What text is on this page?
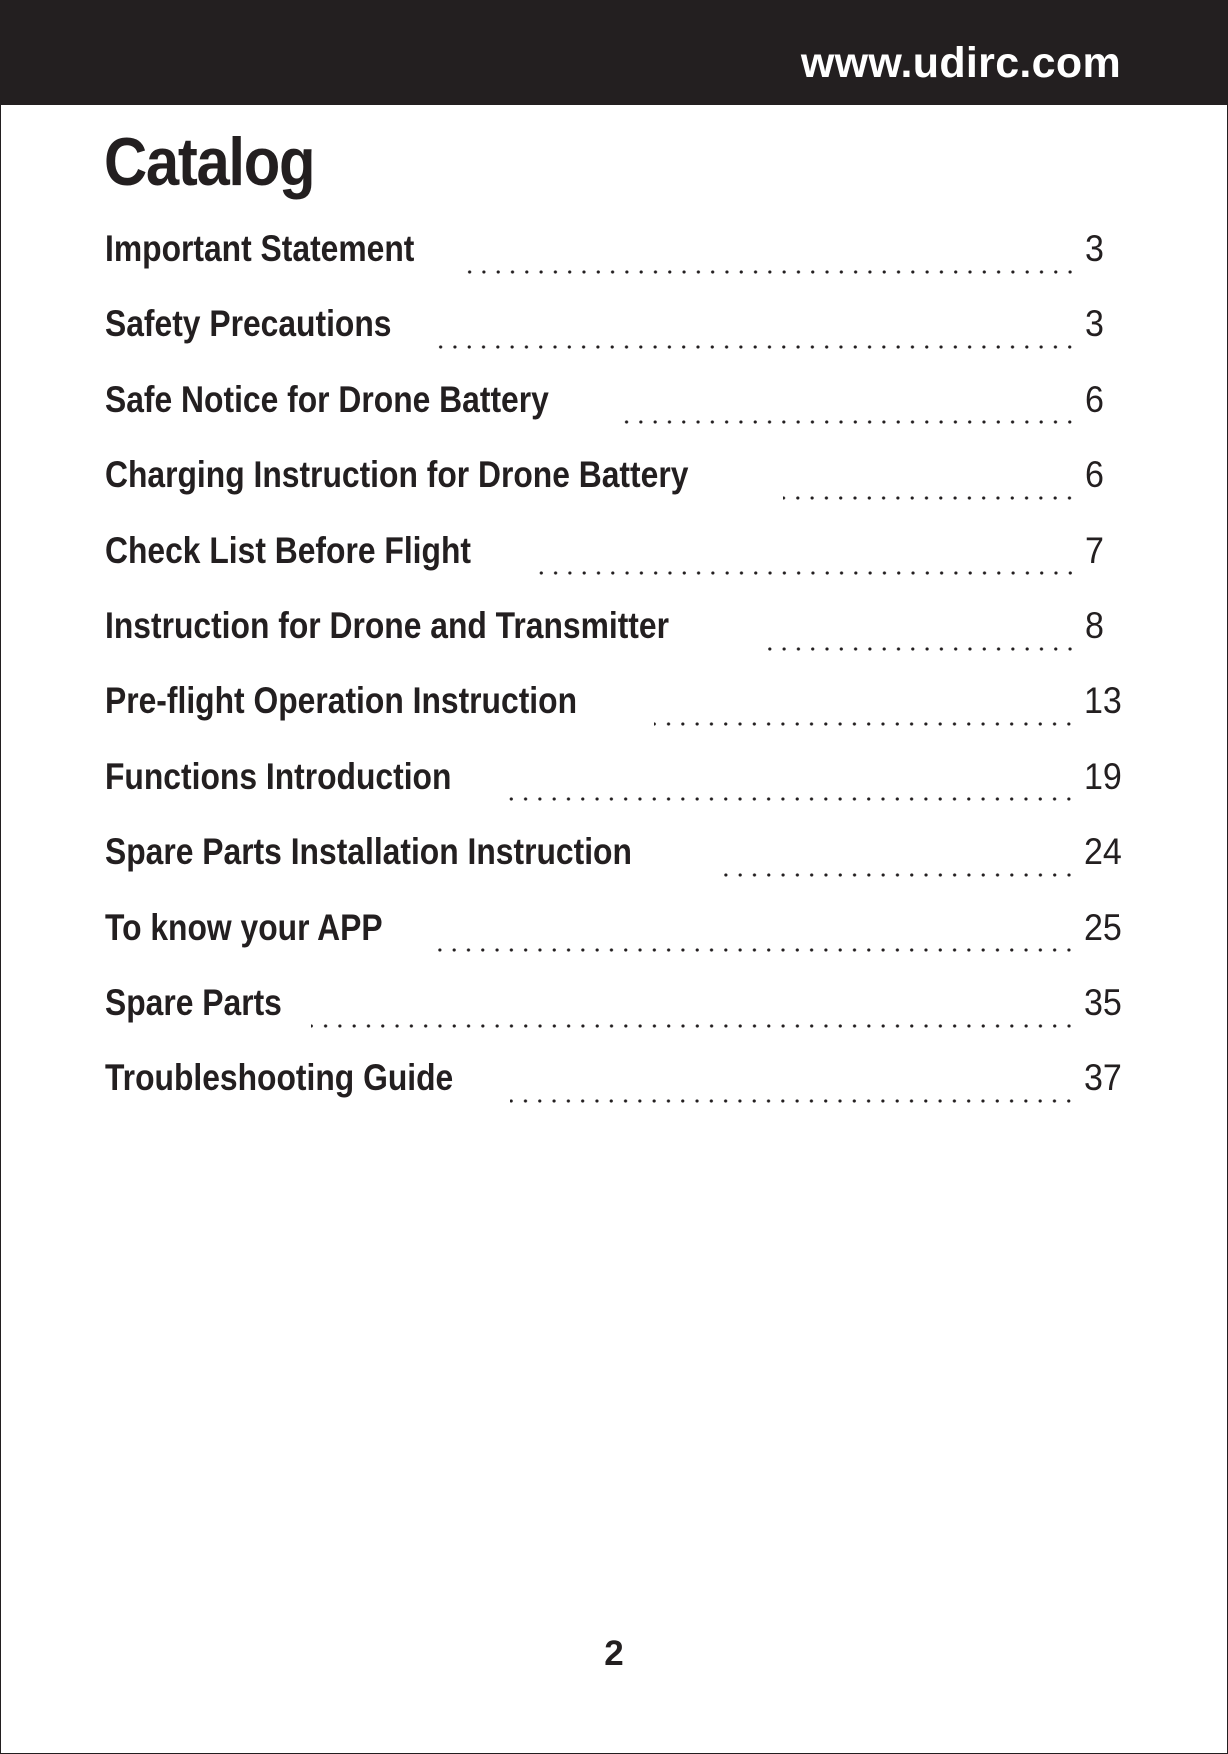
www.udirc.com
Catalog
Important Statement	3
Safety Precautions	3
Safe Notice for Drone Battery	6
Charging Instruction for Drone Battery	6
Check List Before Flight	7
Instruction for Drone and Transmitter	8
Pre-flight Operation Instruction	13
Functions Introduction	19
Spare Parts Installation Instruction	24
To know your APP	25
Spare Parts	35
Troubleshooting Guide	37
2
